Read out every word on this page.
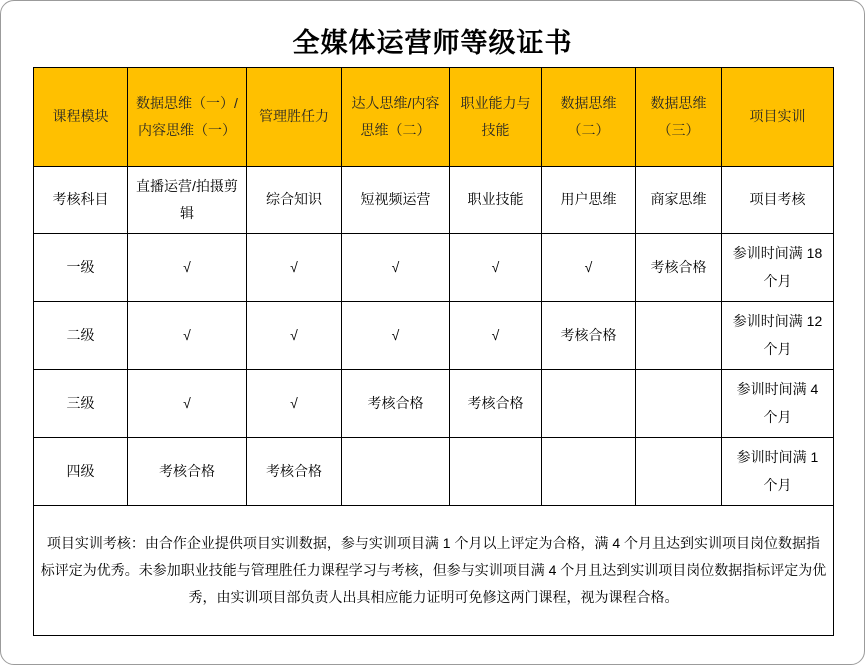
全媒体运营师等级证书
课程模块	数据思维（一）/内容思维（一）	管理胜任力	达人思维/内容思维（二）	职业能力与技能	数据思维（二）	数据思维（三）	项目实训
考核科目	直播运营/拍摄剪辑	综合知识	短视频运营	职业技能	用户思维	商家思维	项目考核
一级	√	√	√	√	√	考核合格	参训时间满 18 个月
二级	√	√	√	√	考核合格		参训时间满 12 个月
三级	√	√	考核合格	考核合格			参训时间满 4 个月
四级	考核合格	考核合格					参训时间满 1 个月
项目实训考核：由合作企业提供项目实训数据，参与实训项目满 1 个月以上评定为合格，满 4 个月且达到实训项目岗位数据指标评定为优秀。未参加职业技能与管理胜任力课程学习与考核，但参与实训项目满 4 个月且达到实训项目岗位数据指标评定为优秀，由实训项目部负责人出具相应能力证明可免修这两门课程，视为课程合格。							
